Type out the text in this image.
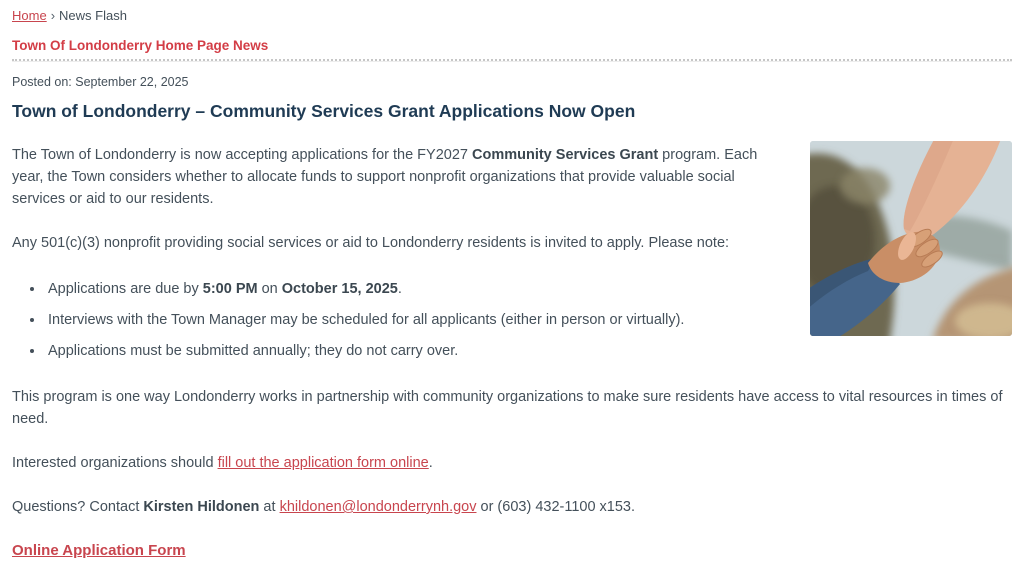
Home › News Flash
Town Of Londonderry Home Page News
Posted on: September 22, 2025
Town of Londonderry – Community Services Grant Applications Now Open

The Town of Londonderry is now accepting applications for the FY2027 Community Services Grant program. Each year, the Town considers whether to allocate funds to support nonprofit organizations that provide valuable social services or aid to our residents.

Any 501(c)(3) nonprofit providing social services or aid to Londonderry residents is invited to apply. Please note:

• Applications are due by 5:00 PM on October 15, 2025.
• Interviews with the Town Manager may be scheduled for all applicants (either in person or virtually).
• Applications must be submitted annually; they do not carry over.

This program is one way Londonderry works in partnership with community organizations to make sure residents have access to vital resources in times of need.

Interested organizations should fill out the application form online.

Questions? Contact Kirsten Hildonen at khildonen@londonderrynh.gov or (603) 432-1100 x153.

Online Application Form
